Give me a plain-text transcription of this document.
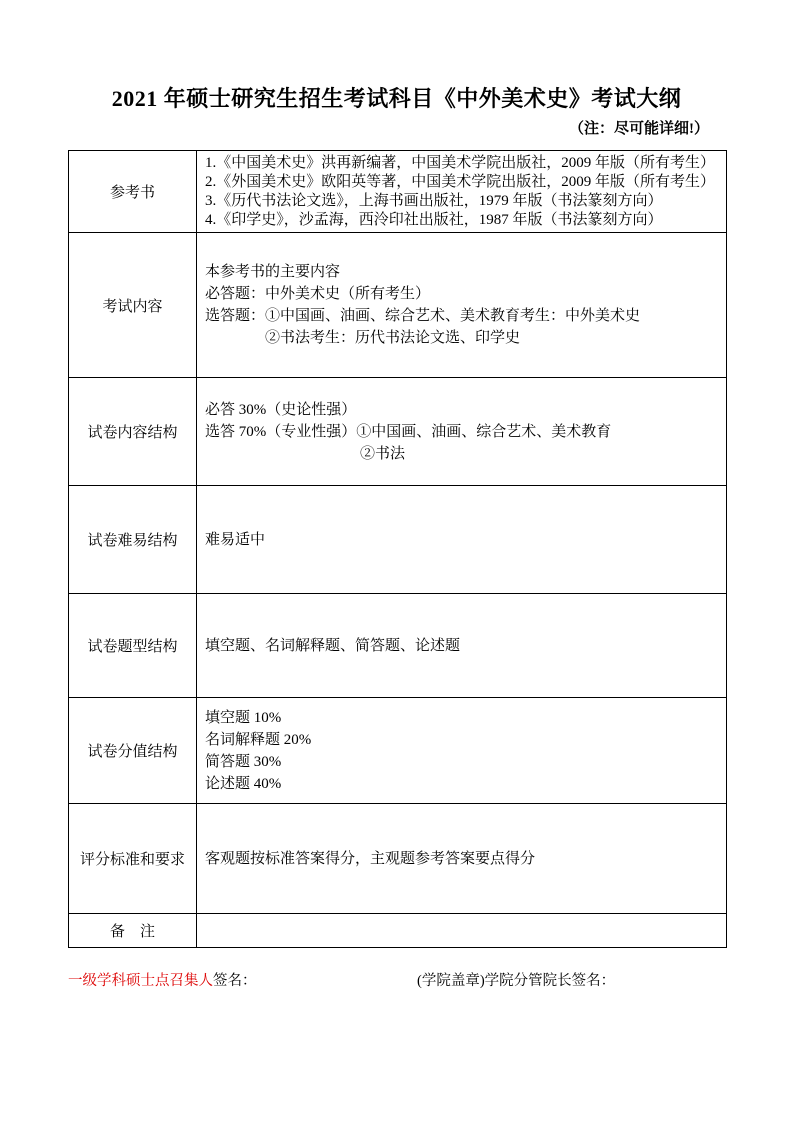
2021 年硕士研究生招生考试科目《中外美术史》考试大纲
（注：尽可能详细!）
参考书	1.《中国美术史》洪再新编著，中国美术学院出版社，2009 年版（所有考生）
2.《外国美术史》欧阳英等著，中国美术学院出版社，2009 年版（所有考生）
3.《历代书法论文选》，上海书画出版社，1979 年版（书法篆刻方向）
4.《印学史》，沙孟海，西泠印社出版社，1987 年版（书法篆刻方向）

考试内容	本参考书的主要内容
必答题：中外美术史（所有考生）
选答题：①中国画、油画、综合艺术、美术教育考生：中外美术史
②书法考生：历代书法论文选、印学史

试卷内容结构	必答 30%（史论性强）
选答 70%（专业性强）①中国画、油画、综合艺术、美术教育
②书法

试卷难易结构	难易适中

试卷题型结构	填空题、名词解释题、简答题、论述题

试卷分值结构	填空题 10%
名词解释题 20%
简答题 30%
论述题 40%

评分标准和要求	客观题按标准答案得分，主观题参考答案要点得分

备　注	
一级学科硕士点召集人签名：	(学院盖章)学院分管院长签名：
